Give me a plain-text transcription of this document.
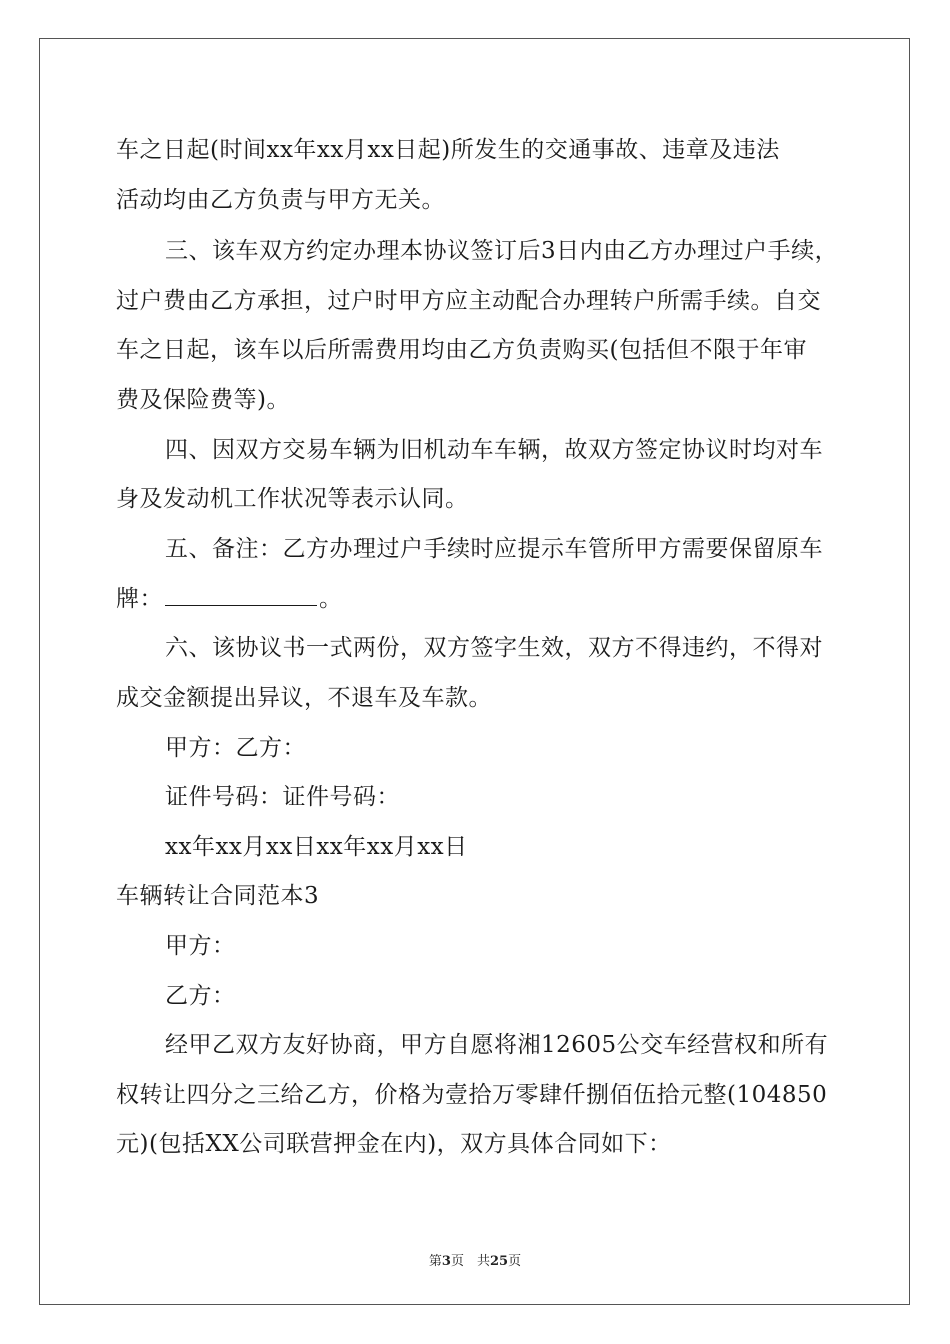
车之日起(时间xx年xx月xx日起)所发生的交通事故、违章及违法
活动均由乙方负责与甲方无关。
三、该车双方约定办理本协议签订后3日内由乙方办理过户手续，
过户费由乙方承担，过户时甲方应主动配合办理转户所需手续。自交
车之日起，该车以后所需费用均由乙方负责购买(包括但不限于年审
费及保险费等)。
四、因双方交易车辆为旧机动车车辆，故双方签定协议时均对车
身及发动机工作状况等表示认同。
五、备注：乙方办理过户手续时应提示车管所甲方需要保留原车
牌：	。
六、该协议书一式两份，双方签字生效，双方不得违约，不得对
成交金额提出异议，不退车及车款。
甲方：乙方：
证件号码：证件号码：
xx年xx月xx日xx年xx月xx日
车辆转让合同范本3
甲方：
乙方：
经甲乙双方友好协商，甲方自愿将湘12605公交车经营权和所有
权转让四分之三给乙方，价格为壹拾万零肆仟捌佰伍拾元整(104850
元)(包括XX公司联营押金在内)，双方具体合同如下：
第3页　共25页
